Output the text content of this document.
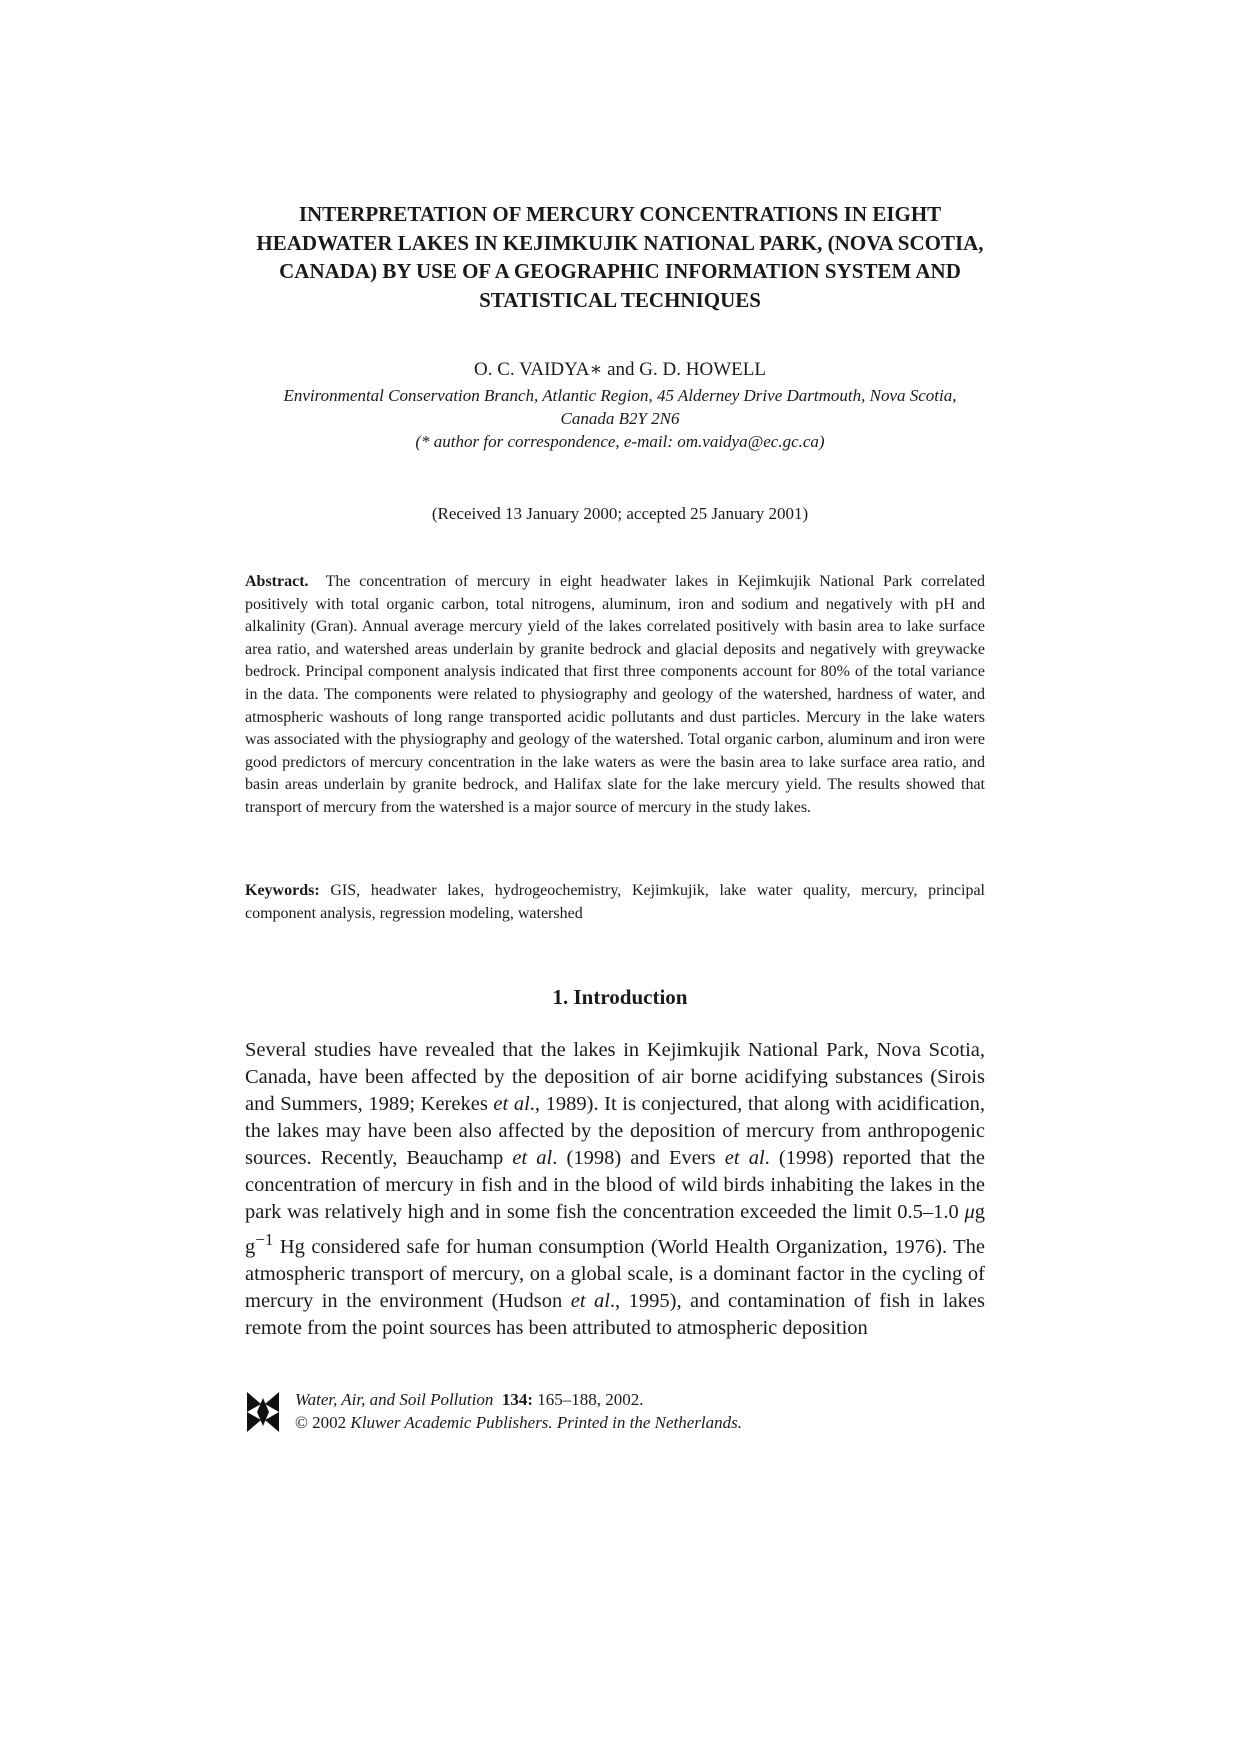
INTERPRETATION OF MERCURY CONCENTRATIONS IN EIGHT HEADWATER LAKES IN KEJIMKUJIK NATIONAL PARK, (NOVA SCOTIA, CANADA) BY USE OF A GEOGRAPHIC INFORMATION SYSTEM AND STATISTICAL TECHNIQUES
O. C. VAIDYA∗ and G. D. HOWELL
Environmental Conservation Branch, Atlantic Region, 45 Alderney Drive Dartmouth, Nova Scotia,
Canada B2Y 2N6
(* author for correspondence, e-mail: om.vaidya@ec.gc.ca)
(Received 13 January 2000; accepted 25 January 2001)
Abstract. The concentration of mercury in eight headwater lakes in Kejimkujik National Park correlated positively with total organic carbon, total nitrogens, aluminum, iron and sodium and negatively with pH and alkalinity (Gran). Annual average mercury yield of the lakes correlated positively with basin area to lake surface area ratio, and watershed areas underlain by granite bedrock and glacial deposits and negatively with greywacke bedrock. Principal component analysis indicated that first three components account for 80% of the total variance in the data. The components were related to physiography and geology of the watershed, hardness of water, and atmospheric washouts of long range transported acidic pollutants and dust particles. Mercury in the lake waters was associated with the physiography and geology of the watershed. Total organic carbon, aluminum and iron were good predictors of mercury concentration in the lake waters as were the basin area to lake surface area ratio, and basin areas underlain by granite bedrock, and Halifax slate for the lake mercury yield. The results showed that transport of mercury from the watershed is a major source of mercury in the study lakes.
Keywords: GIS, headwater lakes, hydrogeochemistry, Kejimkujik, lake water quality, mercury, principal component analysis, regression modeling, watershed
1. Introduction
Several studies have revealed that the lakes in Kejimkujik National Park, Nova Scotia, Canada, have been affected by the deposition of air borne acidifying substances (Sirois and Summers, 1989; Kerekes et al., 1989). It is conjectured, that along with acidification, the lakes may have been also affected by the deposition of mercury from anthropogenic sources. Recently, Beauchamp et al. (1998) and Evers et al. (1998) reported that the concentration of mercury in fish and in the blood of wild birds inhabiting the lakes in the park was relatively high and in some fish the concentration exceeded the limit 0.5–1.0 μg $g^{-1}$ Hg considered safe for human consumption (World Health Organization, 1976). The atmospheric transport of mercury, on a global scale, is a dominant factor in the cycling of mercury in the environment (Hudson et al., 1995), and contamination of fish in lakes remote from the point sources has been attributed to atmospheric deposition
Water, Air, and Soil Pollution 134: 165–188, 2002.
© 2002 Kluwer Academic Publishers. Printed in the Netherlands.
